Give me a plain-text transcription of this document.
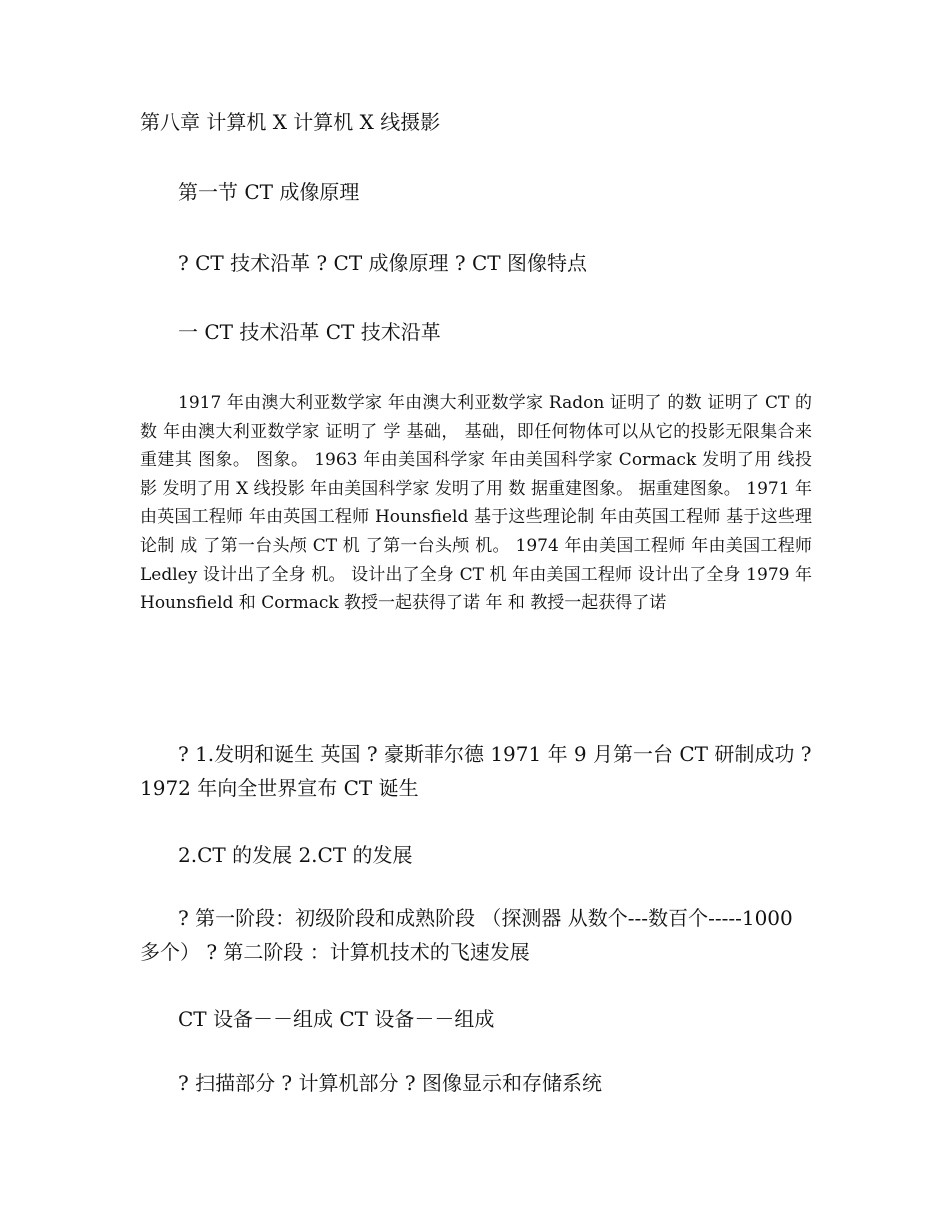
第八章 计算机 X 计算机 X 线摄影
第一节 CT 成像原理
? CT 技术沿革 ? CT 成像原理 ? CT 图像特点
一 CT 技术沿革 CT 技术沿革
1917 年由澳大利亚数学家 年由澳大利亚数学家 Radon 证明了 的数 证明了 CT 的数 年由澳大利亚数学家 证明了 学 基础， 基础，即任何物体可以从它的投影无限集合来重建其 图象。 图象。 1963 年由美国科学家 年由美国科学家 Cormack 发明了用 线投影 发明了用 X 线投影 年由美国科学家 发明了用 数 据重建图象。 据重建图象。 1971 年由英国工程师 年由英国工程师 Hounsfield 基于这些理论制 年由英国工程师 基于这些理论制 成 了第一台头颅 CT 机 了第一台头颅 机。 1974 年由美国工程师 年由美国工程师 Ledley 设计出了全身 机。 设计出了全身 CT 机 年由美国工程师 设计出了全身 1979 年 Hounsfield 和 Cormack 教授一起获得了诺 年 和 教授一起获得了诺
? 1.发明和诞生 英国 ? 豪斯菲尔德 1971 年 9 月第一台 CT 研制成功 ? 1972 年向全世界宣布 CT 诞生
2.CT 的发展 2.CT 的发展
? 第一阶段：初级阶段和成熟阶段 （探测器 从数个---数百个-----1000 多个） ? 第二阶段 ：计算机技术的飞速发展
CT 设备－－组成 CT 设备－－组成
? 扫描部分 ? 计算机部分 ? 图像显示和存储系统
